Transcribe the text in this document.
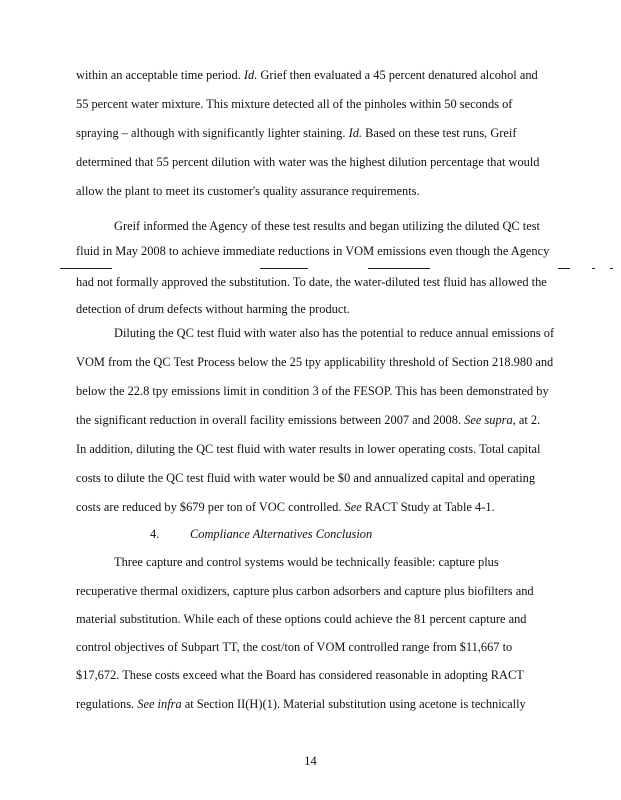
within an acceptable time period. Id. Grief then evaluated a 45 percent denatured alcohol and
55 percent water mixture. This mixture detected all of the pinholes within 50 seconds of
spraying – although with significantly lighter staining. Id. Based on these test runs, Greif
determined that 55 percent dilution with water was the highest dilution percentage that would
allow the plant to meet its customer's quality assurance requirements.
Greif informed the Agency of these test results and began utilizing the diluted QC test
fluid in May 2008 to achieve immediate reductions in VOM emissions even though the Agency
had not formally approved the substitution. To date, the water-diluted test fluid has allowed the
detection of drum defects without harming the product.
Diluting the QC test fluid with water also has the potential to reduce annual emissions of
VOM from the QC Test Process below the 25 tpy applicability threshold of Section 218.980 and
below the 22.8 tpy emissions limit in condition 3 of the FESOP. This has been demonstrated by
the significant reduction in overall facility emissions between 2007 and 2008. See supra, at 2.
In addition, diluting the QC test fluid with water results in lower operating costs. Total capital
costs to dilute the QC test fluid with water would be $0 and annualized capital and operating
costs are reduced by $679 per ton of VOC controlled. See RACT Study at Table 4-1.
4. Compliance Alternatives Conclusion
Three capture and control systems would be technically feasible: capture plus
recuperative thermal oxidizers, capture plus carbon adsorbers and capture plus biofilters and
material substitution. While each of these options could achieve the 81 percent capture and
control objectives of Subpart TT, the cost/ton of VOM controlled range from $11,667 to
$17,672. These costs exceed what the Board has considered reasonable in adopting RACT
regulations. See infra at Section II(H)(1). Material substitution using acetone is technically
14
